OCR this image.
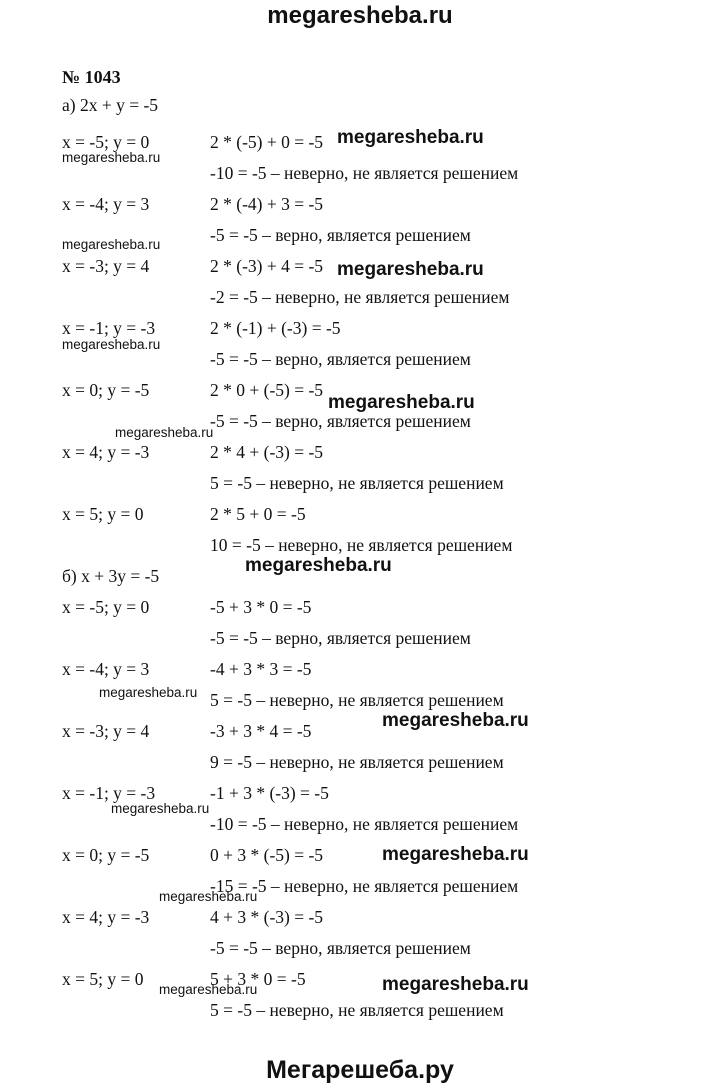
megaresheba.ru
Мегарешеба.ру
№ 1043
а) 2x + y = -5
x = -5; y = 0	2 * (-5) + 0 = -5
-10 = -5 – неверно, не является решением
x = -4; y = 3	2 * (-4) + 3 = -5
-5 = -5 – верно, является решением
x = -3; y = 4	2 * (-3) + 4 = -5
-2 = -5 – неверно, не является решением
x = -1; y = -3	2 * (-1) + (-3) = -5
-5 = -5 – верно, является решением
x = 0; y = -5	2 * 0 + (-5) = -5
-5 = -5 – верно, является решением
x = 4; y = -3	2 * 4 + (-3) = -5
5 = -5 – неверно, не является решением
x = 5; y = 0	2 * 5 + 0 = -5
10 = -5 – неверно, не является решением
б) x + 3y = -5
x = -5; y = 0	-5 + 3 * 0 = -5
-5 = -5 – верно, является решением
x = -4; y = 3	-4 + 3 * 3 = -5
5 = -5 – неверно, не является решением
x = -3; y = 4	-3 + 3 * 4 = -5
9 = -5 – неверно, не является решением
x = -1; y = -3	-1 + 3 * (-3) = -5
-10 = -5 – неверно, не является решением
x = 0; y = -5	0 + 3 * (-5) = -5
-15 = -5 – неверно, не является решением
x = 4; y = -3	4 + 3 * (-3) = -5
-5 = -5 – верно, является решением
x = 5; y = 0	5 + 3 * 0 = -5
5 = -5 – неверно, не является решением
megaresheba.ru
megaresheba.ru
megaresheba.ru
megaresheba.ru
megaresheba.ru
megaresheba.ru
megaresheba.ru
megaresheba.ru
megaresheba.ru
megaresheba.ru
megaresheba.ru
megaresheba.ru
megaresheba.ru
megaresheba.ru
megaresheba.ru
